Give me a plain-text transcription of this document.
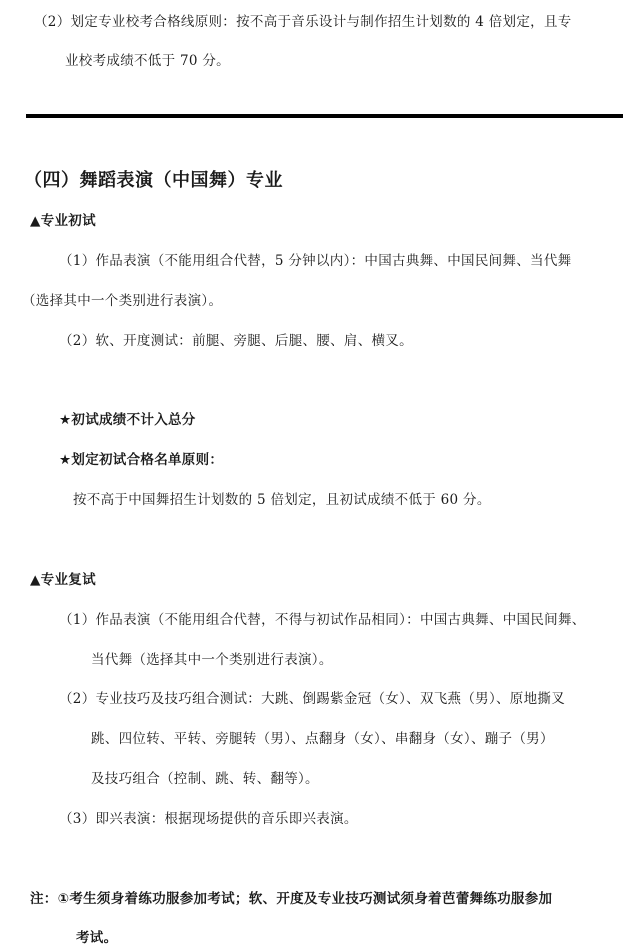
（2）划定专业校考合格线原则：按不高于音乐设计与制作招生计划数的 4 倍划定，且专
业校考成绩不低于 70 分。
（四）舞蹈表演（中国舞）专业
▲专业初试
（1）作品表演（不能用组合代替，5 分钟以内）：中国古典舞、中国民间舞、当代舞
（选择其中一个类别进行表演）。
（2）软、开度测试：前腿、旁腿、后腿、腰、肩、横叉。
★初试成绩不计入总分
★划定初试合格名单原则：
按不高于中国舞招生计划数的 5 倍划定，且初试成绩不低于 60 分。
▲专业复试
（1）作品表演（不能用组合代替，不得与初试作品相同）：中国古典舞、中国民间舞、
当代舞（选择其中一个类别进行表演）。
（2）专业技巧及技巧组合测试：大跳、倒踢紫金冠（女）、双飞燕（男）、原地撕叉
跳、四位转、平转、旁腿转（男）、点翻身（女）、串翻身（女）、蹦子（男）
及技巧组合（控制、跳、转、翻等）。
（3）即兴表演：根据现场提供的音乐即兴表演。
注：①考生须身着练功服参加考试；软、开度及专业技巧测试须身着芭蕾舞练功服参加
考试。
